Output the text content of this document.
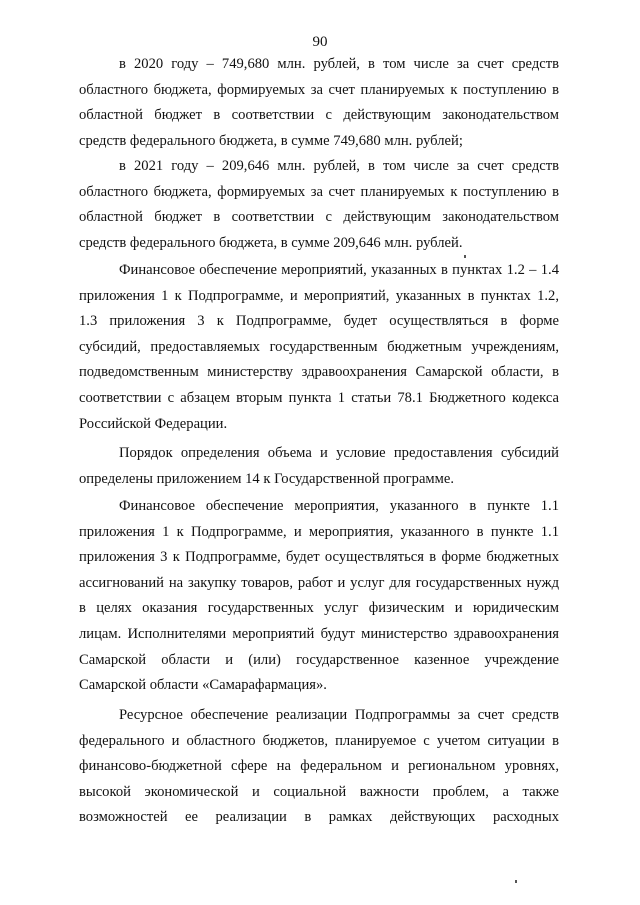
90
в 2020 году – 749,680 млн. рублей, в том числе за счет средств
областного бюджета, формируемых за счет планируемых к поступлению в
областной бюджет в соответствии с действующим законодательством
средств федерального бюджета, в сумме 749,680 млн. рублей;
в 2021 году – 209,646 млн. рублей, в том числе за счет средств
областного бюджета, формируемых за счет планируемых к поступлению в
областной бюджет в соответствии с действующим законодательством
средств федерального бюджета, в сумме 209,646 млн. рублей.
Финансовое обеспечение мероприятий, указанных в пунктах 1.2 – 1.4
приложения 1 к Подпрограмме, и мероприятий, указанных в пунктах 1.2,
1.3 приложения 3 к Подпрограмме, будет осуществляться в форме
субсидий, предоставляемых государственным бюджетным учреждениям,
подведомственным министерству здравоохранения Самарской области, в
соответствии с абзацем вторым пункта 1 статьи 78.1 Бюджетного кодекса
Российской Федерации.
Порядок определения объема и условие предоставления субсидий
определены приложением 14 к Государственной программе.
Финансовое обеспечение мероприятия, указанного в пункте 1.1
приложения 1 к Подпрограмме, и мероприятия, указанного в пункте 1.1
приложения 3 к Подпрограмме, будет осуществляться в форме бюджетных
ассигнований на закупку товаров, работ и услуг для государственных нужд
в целях оказания государственных услуг физическим и юридическим
лицам. Исполнителями мероприятий будут министерство здравоохранения
Самарской области и (или) государственное казенное учреждение
Самарской области «Самарафармация».
Ресурсное обеспечение реализации Подпрограммы за счет средств
федерального и областного бюджетов, планируемое с учетом ситуации в
финансово-бюджетной сфере на федеральном и региональном уровнях,
высокой экономической и социальной важности проблем, а также
возможностей ее реализации в рамках действующих расходных
